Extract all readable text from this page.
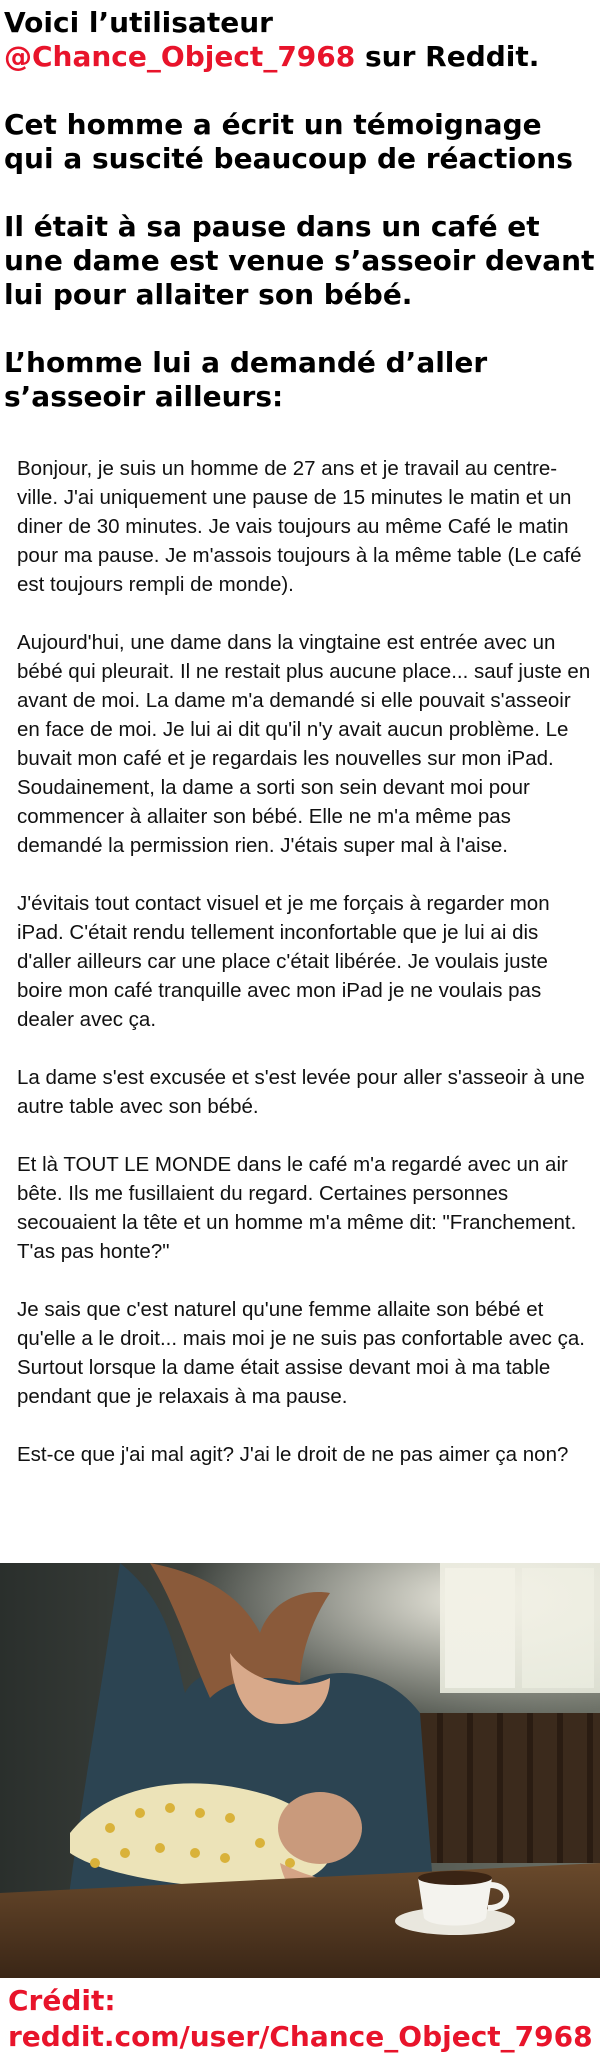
Voici l’utilisateur
@Chance_Object_7968 sur Reddit.

Cet homme a écrit un témoignage qui a suscité beaucoup de réactions

Il était à sa pause dans un café et une dame est venue s’asseoir devant lui pour allaiter son bébé.

L’homme lui a demandé d’aller s’asseoir ailleurs:

Bonjour, je suis un homme de 27 ans et je travail au centre-ville. J'ai uniquement une pause de 15 minutes le matin et un diner de 30 minutes. Je vais toujours au même Café le matin pour ma pause. Je m'assois toujours à la même table (Le café est toujours rempli de monde).

Aujourd'hui, une dame dans la vingtaine est entrée avec un bébé qui pleurait. Il ne restait plus aucune place... sauf juste en avant de moi. La dame m'a demandé si elle pouvait s'asseoir en face de moi. Je lui ai dit qu'il n'y avait aucun problème. Le buvait mon café et je regardais les nouvelles sur mon iPad. Soudainement, la dame a sorti son sein devant moi pour commencer à allaiter son bébé. Elle ne m'a même pas demandé la permission rien. J'étais super mal à l'aise.

J'évitais tout contact visuel et je me forçais à regarder mon iPad. C'était rendu tellement inconfortable que je lui ai dis d'aller ailleurs car une place c'était libérée. Je voulais juste boire mon café tranquille avec mon iPad je ne voulais pas dealer avec ça.

La dame s'est excusée et s'est levée pour aller s'asseoir à une autre table avec son bébé.

Et là TOUT LE MONDE dans le café m'a regardé avec un air bête. Ils me fusillaient du regard. Certaines personnes secouaient la tête et un homme m'a même dit: "Franchement. T'as pas honte?"

Je sais que c'est naturel qu'une femme allaite son bébé et qu'elle a le droit... mais moi je ne suis pas confortable avec ça. Surtout lorsque la dame était assise devant moi à ma table pendant que je relaxais à ma pause.

Est-ce que j'ai mal agit? J'ai le droit de ne pas aimer ça non?

Crédit:
reddit.com/user/Chance_Object_7968
